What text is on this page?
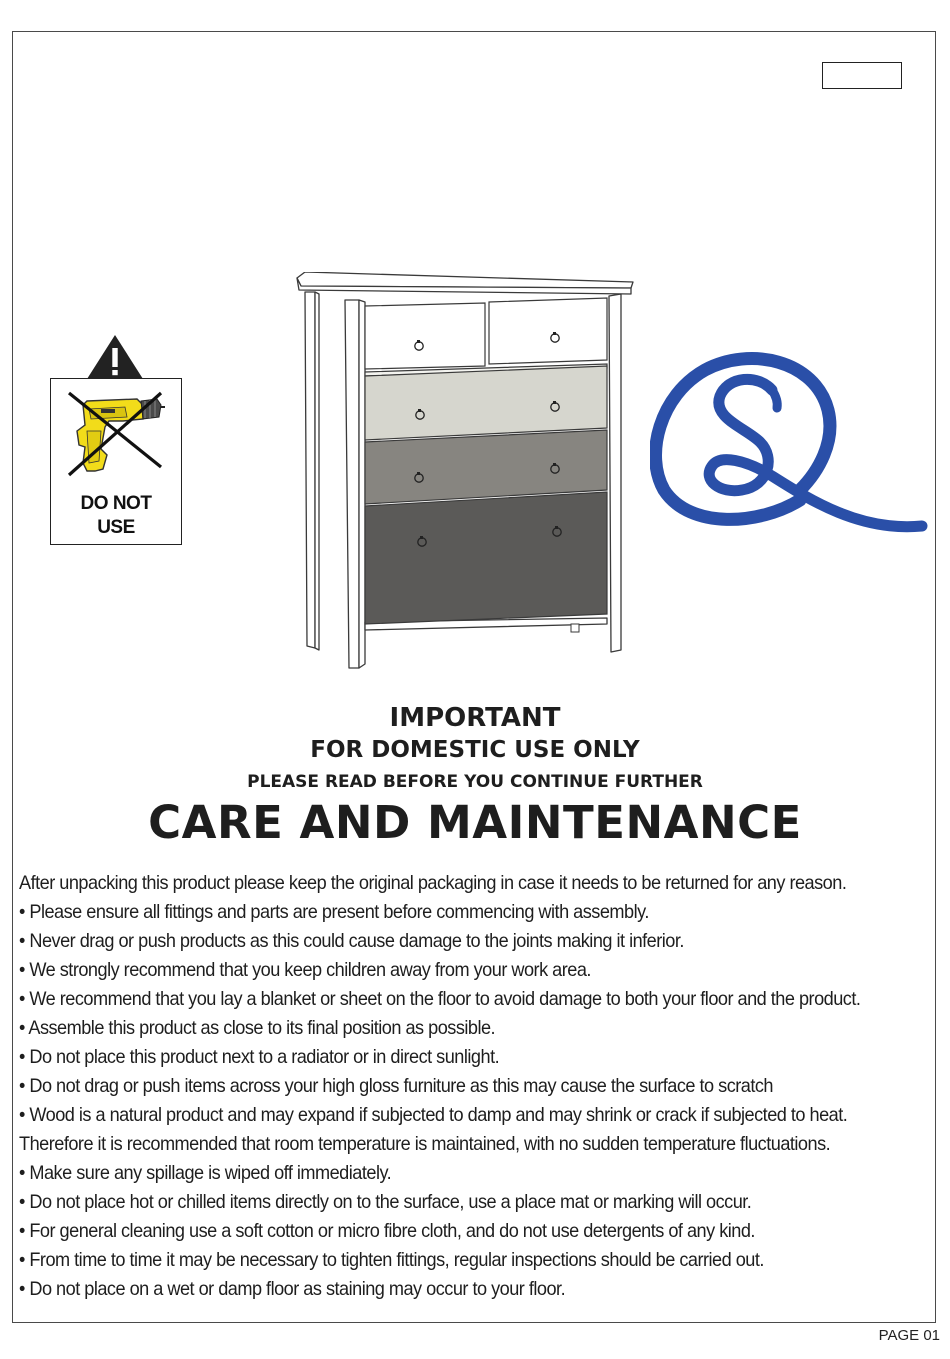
DO NOT
USE
IMPORTANT
FOR DOMESTIC USE ONLY
PLEASE READ BEFORE YOU CONTINUE FURTHER
CARE AND MAINTENANCE
After unpacking this product please keep the original packaging in case it needs to be returned for any reason.
• Please ensure all fittings and parts are present before commencing with assembly.
• Never drag or push products as this could cause damage to the joints making it inferior.
• We strongly recommend that you keep children away from your work area.
• We recommend that you lay a blanket or sheet on the floor to avoid damage to both your floor and the product.
• Assemble this product as close to its final position as possible.
• Do not place this product next to a radiator or in direct sunlight.
• Do not drag or push items across your high gloss furniture as this may cause the surface to scratch
• Wood is a natural product and may expand if subjected to damp and may shrink or crack if subjected to heat.
Therefore it is recommended that room temperature is maintained, with no sudden temperature fluctuations.
• Make sure any spillage is wiped off immediately.
• Do not place hot or chilled items directly on to the surface, use a place mat or marking will occur.
• For general cleaning use a soft cotton or micro fibre cloth, and do not use detergents of any kind.
• From time to time it may be necessary to tighten fittings, regular inspections should be carried out.
• Do not place on a wet or damp floor as staining may occur to your floor.
PAGE 01
